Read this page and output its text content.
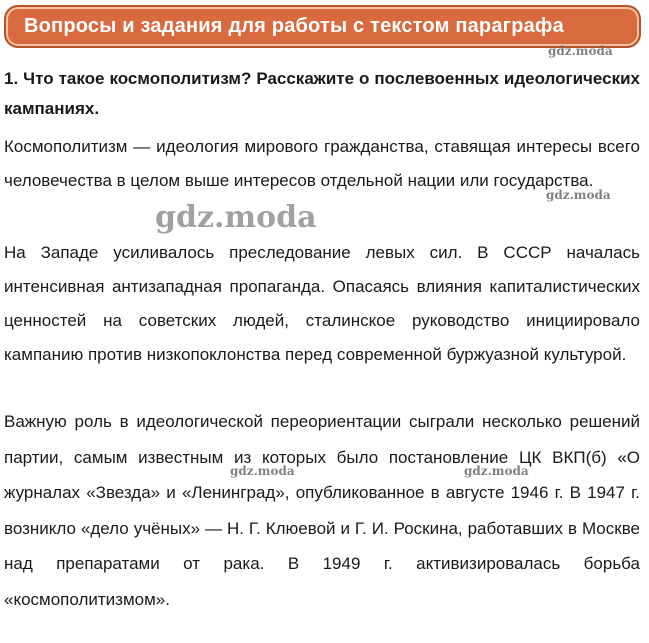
Вопросы и задания для работы с текстом параграфа
1. Что такое космополитизм? Расскажите о послевоенных идеологических кампаниях.
Космополитизм — идеология мирового гражданства, ставящая интересы всего человечества в целом выше интересов отдельной нации или государства.
На Западе усиливалось преследование левых сил. В СССР началась интенсивная антизападная пропаганда. Опасаясь влияния капиталистических ценностей на советских людей, сталинское руководство инициировало кампанию против низкопоклонства перед современной буржуазной культурой.
Важную роль в идеологической переориентации сыграли несколько решений партии, самым известным из которых было постановление ЦК ВКП(б) «О журналах «Звезда» и «Ленинград», опубликованное в августе 1946 г. В 1947 г. возникло «дело учёных» — Н. Г. Клюевой и Г. И. Роскина, работавших в Москве над препаратами от рака. В 1949 г. активизировалась борьба «космополитизмом».
gdz.moda
gdz.moda
gdz.moda
gdz.moda	gdz.moda
